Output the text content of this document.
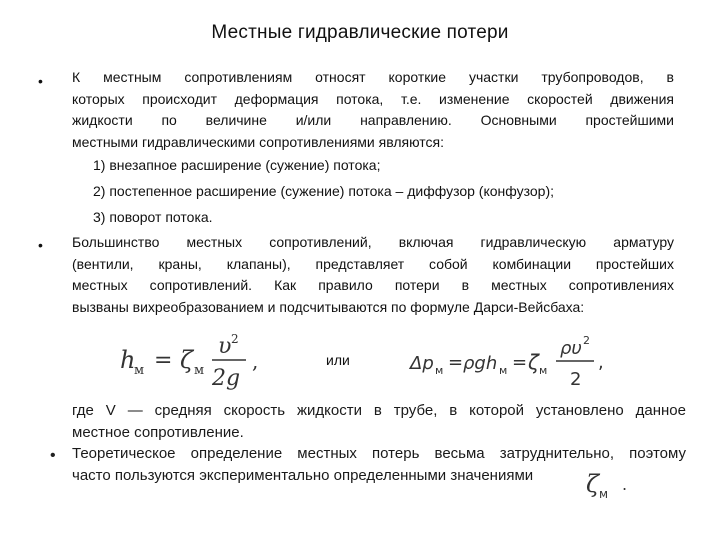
Местные гидравлические потери
• К местным сопротивлениям относят короткие участки трубопроводов, в
которых происходит деформация потока, т.е. изменение скоростей движения
жидкости по величине и/или направлению. Основными простейшими
местными гидравлическими сопротивлениями являются:
1) внезапное расширение (сужение) потока;
2) постепенное расширение (сужение) потока – диффузор (конфузор);
3) поворот потока.
• Большинство местных сопротивлений, включая гидравлическую арматуру
(вентили, краны, клапаны), представляет собой комбинации простейших
местных сопротивлений. Как правило потери в местных сопротивлениях
вызваны вихреобразованием и подсчитываются по формуле Дарси-Вейсбаха:
h
м = ζ м
υ 2
2g
,	или	Δp м = ρgh м = ζ м
ρυ 2
2
,
где V — средняя скорость жидкости в трубе, в которой установлено данное
местное сопротивление.
• Теоретическое определение местных потерь весьма затруднительно, поэтому
часто пользуются экспериментально определенными значениями	ζ м .
